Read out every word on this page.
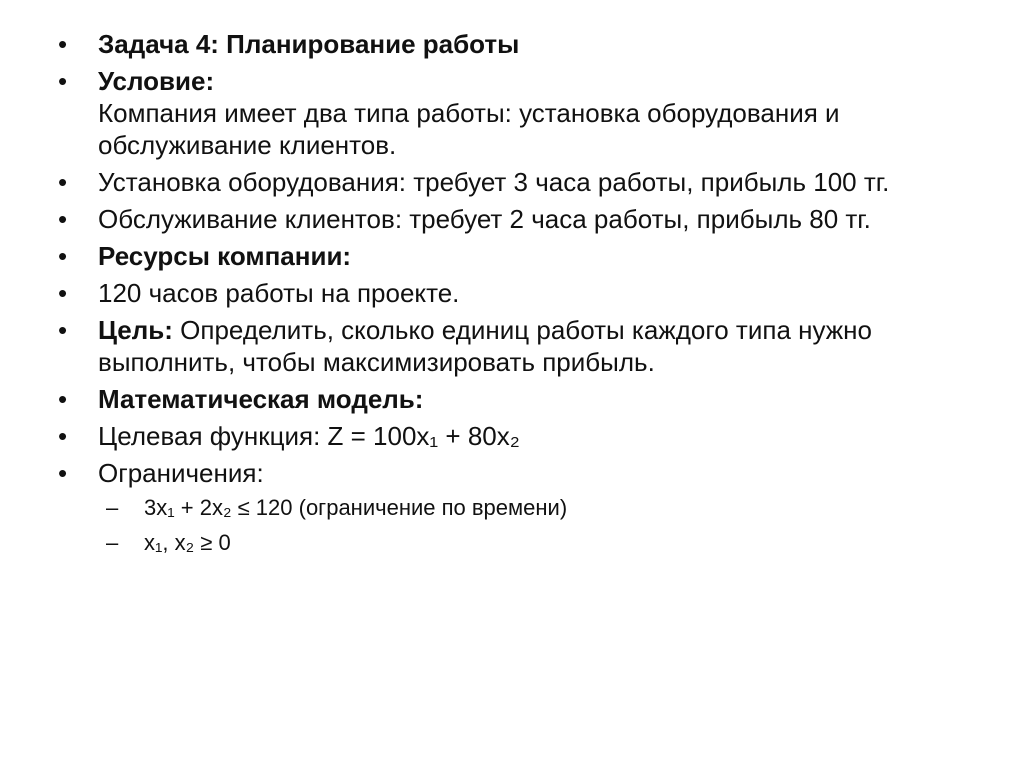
•	Задача 4: Планирование работы
•	Условие:
Компания имеет два типа работы: установка оборудования и обслуживание клиентов.
•	Установка оборудования: требует 3 часа работы, прибыль 100 тг.
•	Обслуживание клиентов: требует 2 часа работы, прибыль 80 тг.
•	Ресурсы компании:
•	120 часов работы на проекте.
•	Цель: Определить, сколько единиц работы каждого типа нужно выполнить, чтобы максимизировать прибыль.
•	Математическая модель:
•	Целевая функция: Z = 100x₁ + 80x₂
•	Ограничения:
– 3x₁ + 2x₂ ≤ 120 (ограничение по времени)
– x₁, x₂ ≥ 0
